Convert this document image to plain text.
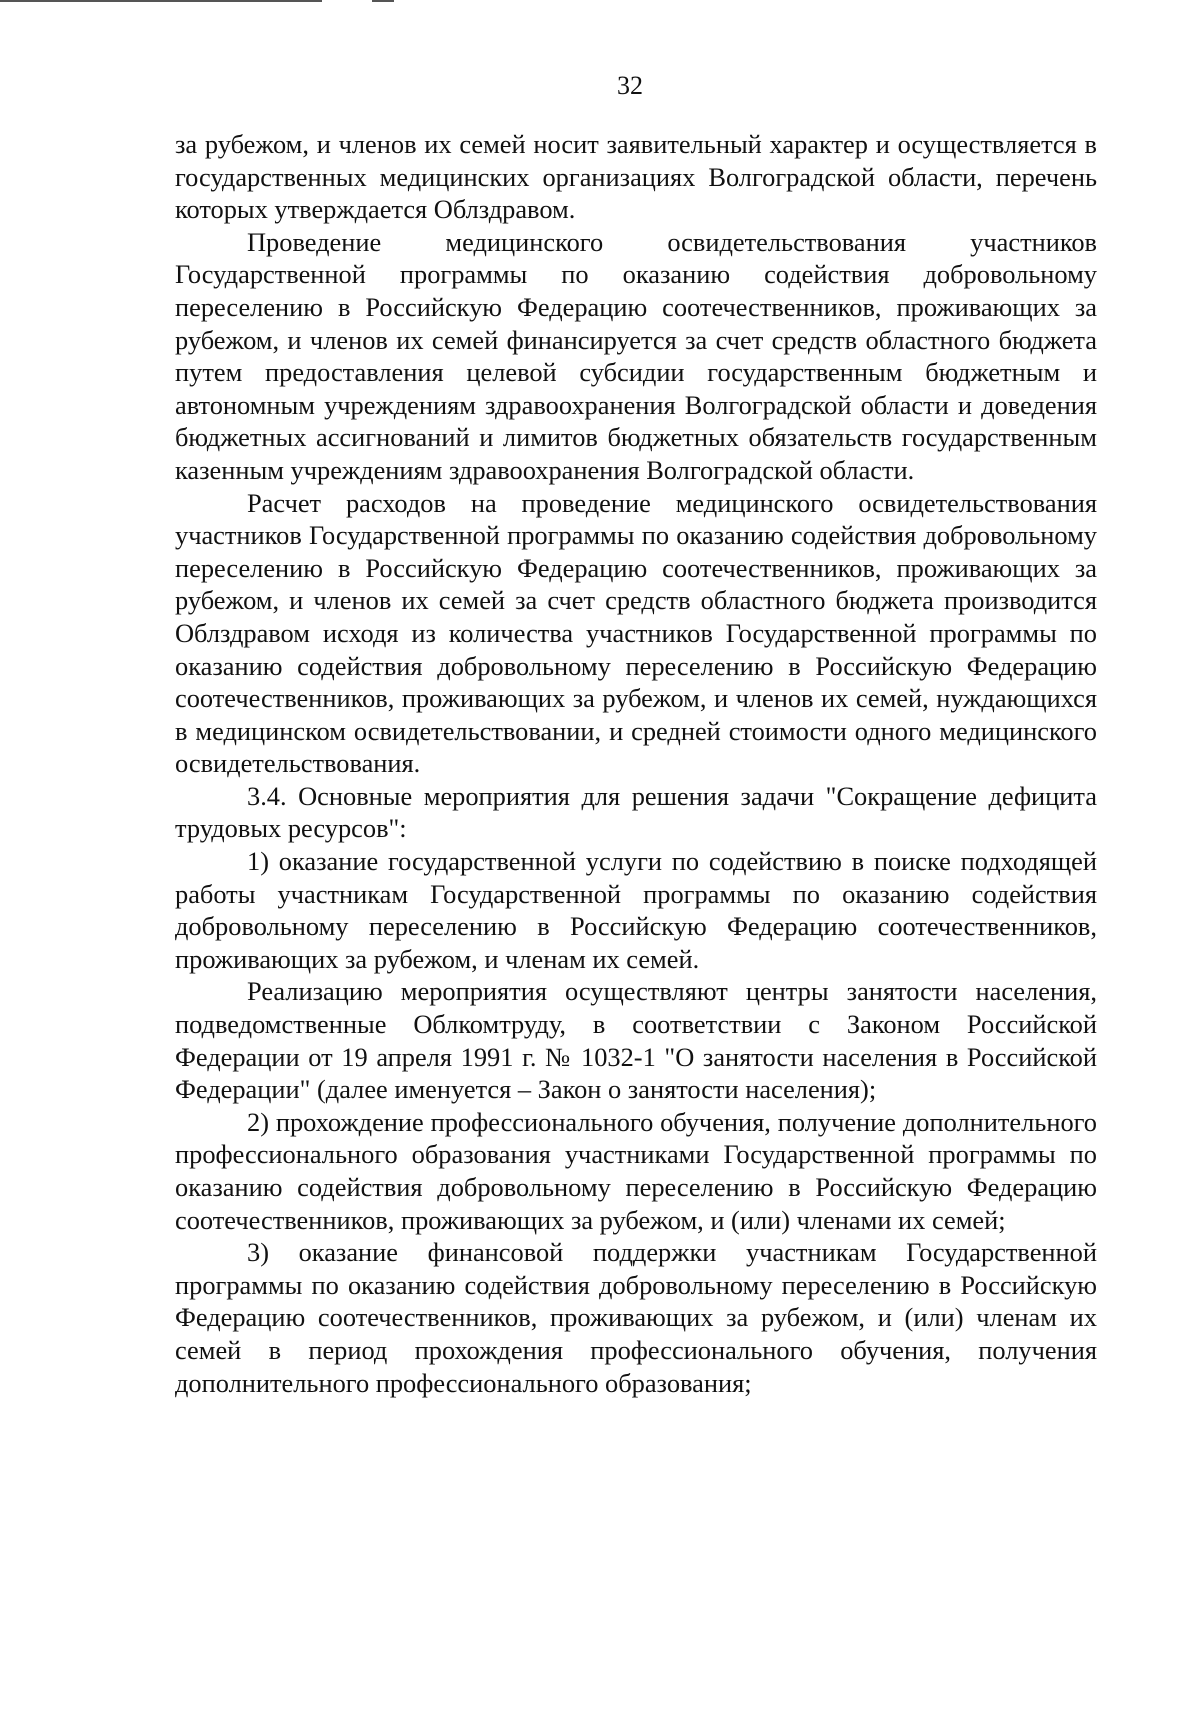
32

за рубежом, и членов их семей носит заявительный характер и осуществляется в государственных медицинских организациях Волгоградской области, перечень которых утверждается Облздравом.

Проведение медицинского освидетельствования участников Государственной программы по оказанию содействия добровольному переселению в Российскую Федерацию соотечественников, проживающих за рубежом, и членов их семей финансируется за счет средств областного бюджета путем предоставления целевой субсидии государственным бюджетным и автономным учреждениям здравоохранения Волгоградской области и доведения бюджетных ассигнований и лимитов бюджетных обязательств государственным казенным учреждениям здравоохранения Волгоградской области.

Расчет расходов на проведение медицинского освидетельствования участников Государственной программы по оказанию содействия добровольному переселению в Российскую Федерацию соотечественников, проживающих за рубежом, и членов их семей за счет средств областного бюджета производится Облздравом исходя из количества участников Государственной программы по оказанию содействия добровольному переселению в Российскую Федерацию соотечественников, проживающих за рубежом, и членов их семей, нуждающихся в медицинском освидетельствовании, и средней стоимости одного медицинского освидетельствования.

3.4. Основные мероприятия для решения задачи "Сокращение дефицита трудовых ресурсов":

1) оказание государственной услуги по содействию в поиске подходящей работы участникам Государственной программы по оказанию содействия добровольному переселению в Российскую Федерацию соотечественников, проживающих за рубежом, и членам их семей.

Реализацию мероприятия осуществляют центры занятости населения, подведомственные Облкомтруду, в соответствии с Законом Российской Федерации от 19 апреля 1991 г. № 1032-1 "О занятости населения в Российской Федерации" (далее именуется – Закон о занятости населения);

2) прохождение профессионального обучения, получение дополнительного профессионального образования участниками Государственной программы по оказанию содействия добровольному переселению в Российскую Федерацию соотечественников, проживающих за рубежом, и (или) членами их семей;

3) оказание финансовой поддержки участникам Государственной программы по оказанию содействия добровольному переселению в Российскую Федерацию соотечественников, проживающих за рубежом, и (или) членам их семей в период прохождения профессионального обучения, получения дополнительного профессионального образования;
